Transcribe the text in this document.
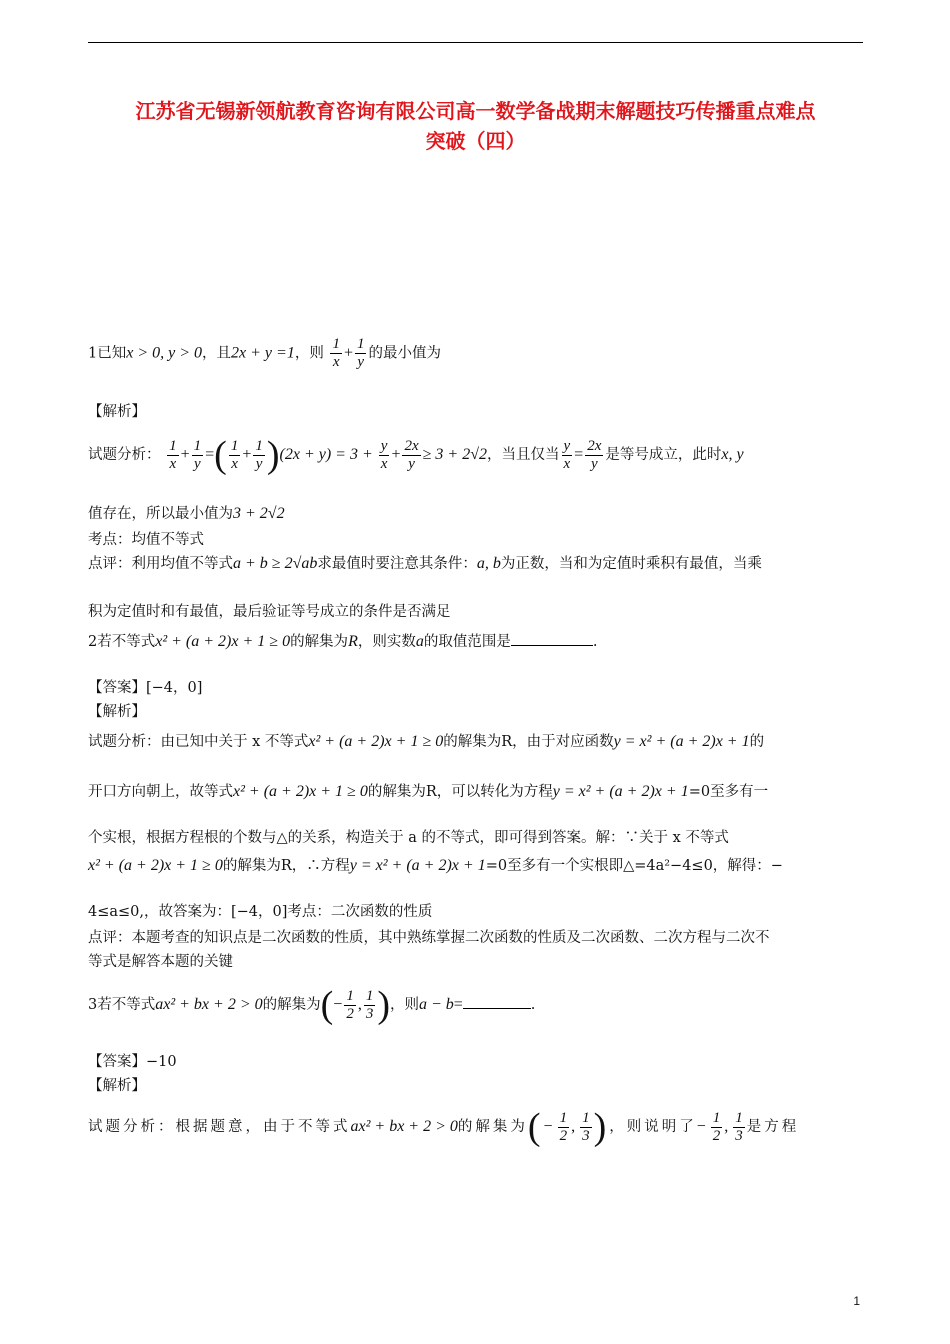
江苏省无锡新领航教育咨询有限公司高一数学备战期末解题技巧传播重点难点
突破（四）
1已知x > 0, y > 0，且2x + y =1，则 $\frac{1}{x} + \frac{1}{y}$ 的最小值为
【解析】
试题分析： $\frac{1}{x} + \frac{1}{y}$ =( $\frac{1}{x} + \frac{1}{y} )(2x + y) = 3 + \frac{y}{x} + \frac{2x}{y} \ge 3 + 2√2$，当且仅当 $\frac{y}{x} = \frac{2x}{y}$ 是等号成立，此时x, y
值存在，所以最小值为3 + 2√2
考点：均值不等式
点评：利用均值不等式a + b ≥ 2√ab求最值时要注意其条件：a, b为正数，当和为定值时乘积有最值，当乘
积为定值时和有最值，最后验证等号成立的条件是否满足
2若不等式x² + (a + 2)x + 1 ≥ 0的解集为R，则实数a的取值范围是	.
【答案】[−4，0]
【解析】
试题分析：由已知中关于 x 不等式x² + (a + 2)x + 1 ≥ 0的解集为R，由于对应函数y = x² + (a + 2)x + 1的
开口方向朝上，故等式x² + (a + 2)x + 1 ≥ 0的解集为R，可以转化为方程y = x² + (a + 2)x + 1=0至多有一
个实根，根据方程根的个数与△的关系，构造关于 a 的不等式，即可得到答案。解：∵关于 x 不等式
x² + (a + 2)x + 1 ≥ 0的解集为R，∴方程y = x² + (a + 2)x + 1=0至多有一个实根即△=4a²−4≤0，解得：−
4≤a≤0,，故答案为：[−4，0]考点：二次函数的性质
点评：本题考查的知识点是二次函数的性质，其中熟练掌握二次函数的性质及二次函数、二次方程与二次不
等式是解答本题的关键
3若不等式ax² + bx + 2 > 0的解集为(− $\frac{1}{2}$ , $\frac{1}{3}$ )，则a − b=	.
【答案】−10
【解析】
试题分析：根据题意，由于不等式ax² + bx + 2 > 0的解集为(− $\frac{1}{2}$ , $\frac{1}{3}$ )，则说明了− $\frac{1}{2}$ , $\frac{1}{3}$ 是方程
1
